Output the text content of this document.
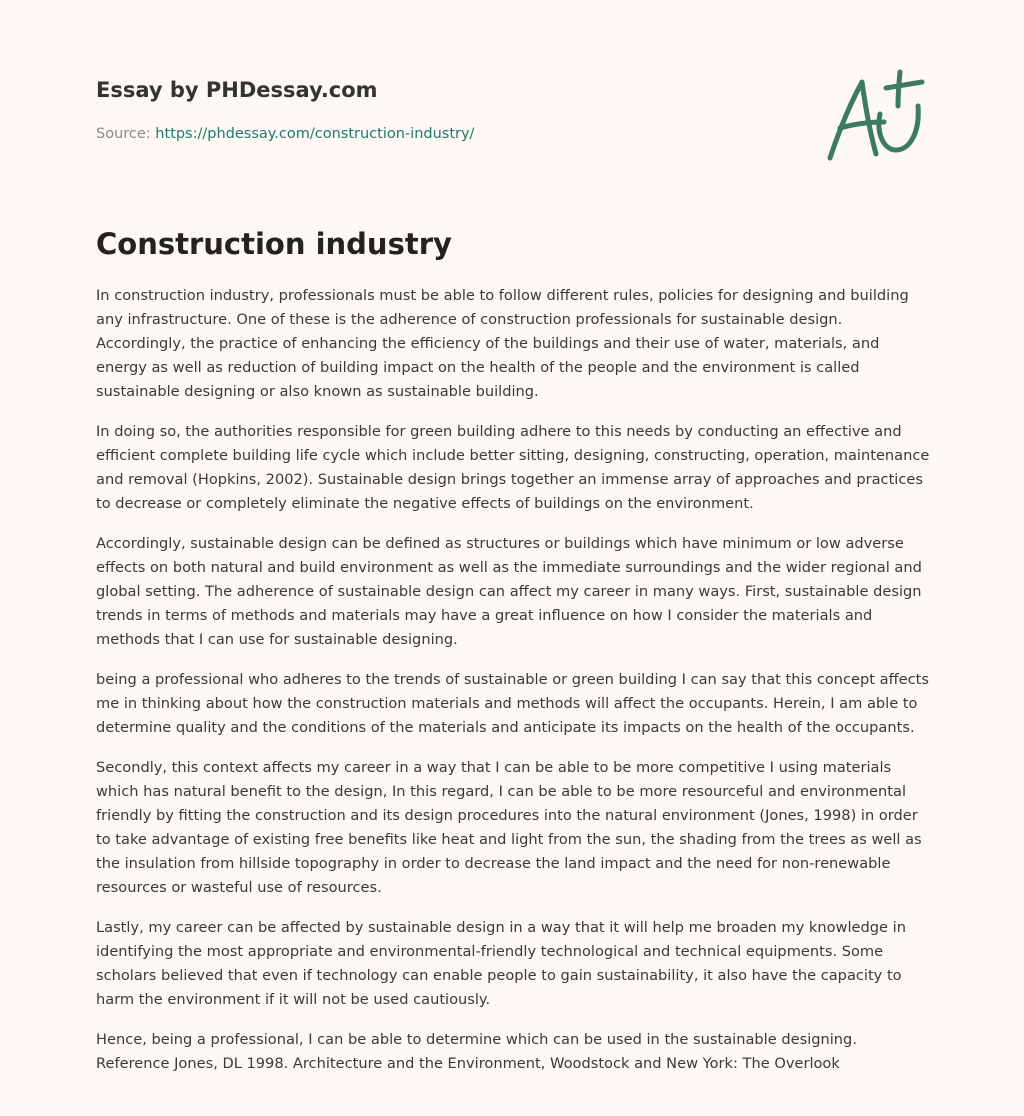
Essay by PHDessay.com
Source: https://phdessay.com/construction-industry/
Construction industry

In construction industry, professionals must be able to follow different rules, policies for designing and building any infrastructure. One of these is the adherence of construction professionals for sustainable design. Accordingly, the practice of enhancing the efficiency of the buildings and their use of water, materials, and energy as well as reduction of building impact on the health of the people and the environment is called sustainable designing or also known as sustainable building.

In doing so, the authorities responsible for green building adhere to this needs by conducting an effective and efficient complete building life cycle which include better sitting, designing, constructing, operation, maintenance and removal (Hopkins, 2002). Sustainable design brings together an immense array of approaches and practices to decrease or completely eliminate the negative effects of buildings on the environment.

Accordingly, sustainable design can be defined as structures or buildings which have minimum or low adverse effects on both natural and build environment as well as the immediate surroundings and the wider regional and global setting. The adherence of sustainable design can affect my career in many ways. First, sustainable design trends in terms of methods and materials may have a great influence on how I consider the materials and methods that I can use for sustainable designing.

being a professional who adheres to the trends of sustainable or green building I can say that this concept affects me in thinking about how the construction materials and methods will affect the occupants. Herein, I am able to determine quality and the conditions of the materials and anticipate its impacts on the health of the occupants.

Secondly, this context affects my career in a way that I can be able to be more competitive I using materials which has natural benefit to the design, In this regard, I can be able to be more resourceful and environmental friendly by fitting the construction and its design procedures into the natural environment (Jones, 1998) in order to take advantage of existing free benefits like heat and light from the sun, the shading from the trees as well as the insulation from hillside topography in order to decrease the land impact and the need for non-renewable resources or wasteful use of resources.

Lastly, my career can be affected by sustainable design in a way that it will help me broaden my knowledge in identifying the most appropriate and environmental-friendly technological and technical equipments. Some scholars believed that even if technology can enable people to gain sustainability, it also have the capacity to harm the environment if it will not be used cautiously.

Hence, being a professional, I can be able to determine which can be used in the sustainable designing. Reference Jones, DL 1998. Architecture and the Environment, Woodstock and New York: The Overlook
